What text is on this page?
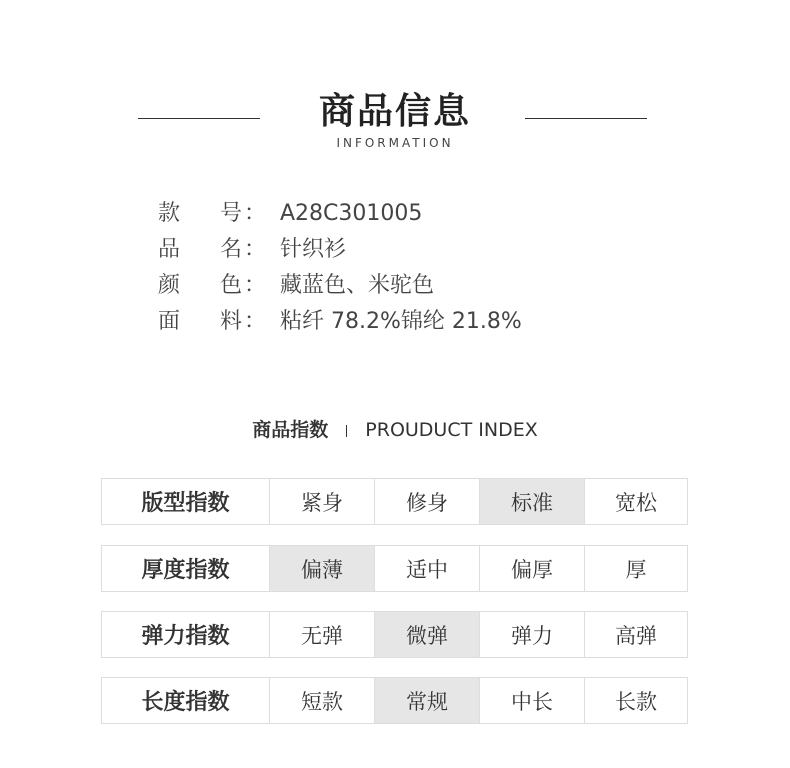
商品信息
INFORMATION
款 号 ： A28C301005
品 名 ： 针织衫
颜 色 ： 藏蓝色、米驼色
面 料 ： 粘纤 78.2%锦纶 21.8%
商品指数 PROUDUCT INDEX
版型指数	紧身	修身	标准	宽松
厚度指数	偏薄	适中	偏厚	厚
弹力指数	无弹	微弹	弹力	高弹
长度指数	短款	常规	中长	长款
